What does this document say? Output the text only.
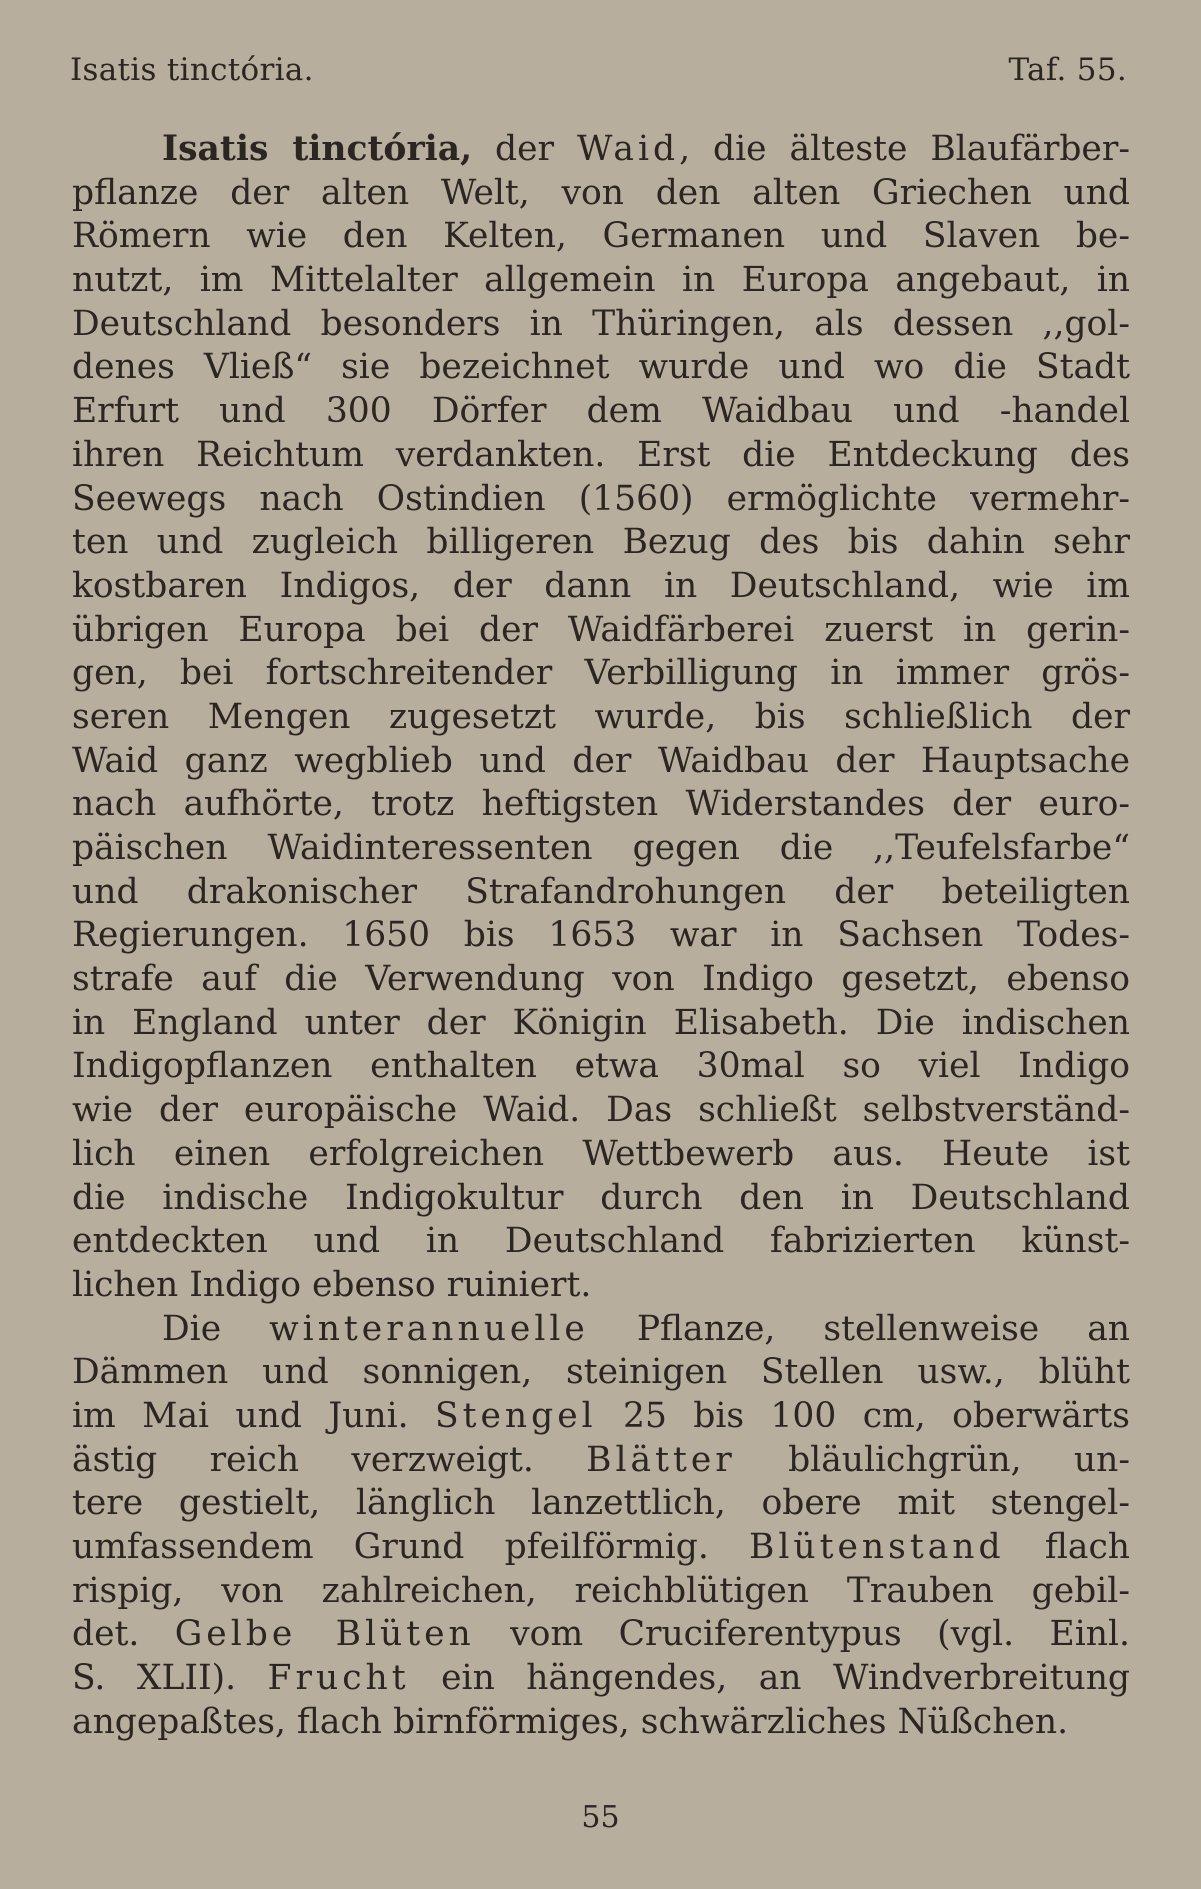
Isatis tinctória.	Taf. 55.
Isatis tinctória, der Waid, die älteste Blaufärber-
pflanze der alten Welt, von den alten Griechen und
Römern wie den Kelten, Germanen und Slaven be-
nutzt, im Mittelalter allgemein in Europa angebaut, in
Deutschland besonders in Thüringen, als dessen ,,gol-
denes Vließ“ sie bezeichnet wurde und wo die Stadt
Erfurt und 300 Dörfer dem Waidbau und -handel
ihren Reichtum verdankten. Erst die Entdeckung des
Seewegs nach Ostindien (1560) ermöglichte vermehr-
ten und zugleich billigeren Bezug des bis dahin sehr
kostbaren Indigos, der dann in Deutschland, wie im
übrigen Europa bei der Waidfärberei zuerst in gerin-
gen, bei fortschreitender Verbilligung in immer grös-
seren Mengen zugesetzt wurde, bis schließlich der
Waid ganz wegblieb und der Waidbau der Hauptsache
nach aufhörte, trotz heftigsten Widerstandes der euro-
päischen Waidinteressenten gegen die ,,Teufelsfarbe“
und drakonischer Strafandrohungen der beteiligten
Regierungen. 1650 bis 1653 war in Sachsen Todes-
strafe auf die Verwendung von Indigo gesetzt, ebenso
in England unter der Königin Elisabeth. Die indischen
Indigopflanzen enthalten etwa 30mal so viel Indigo
wie der europäische Waid. Das schließt selbstverständ-
lich einen erfolgreichen Wettbewerb aus. Heute ist
die indische Indigokultur durch den in Deutschland
entdeckten und in Deutschland fabrizierten künst-
lichen Indigo ebenso ruiniert.
Die winterannuelle Pflanze, stellenweise an
Dämmen und sonnigen, steinigen Stellen usw., blüht
im Mai und Juni. Stengel 25 bis 100 cm, oberwärts
ästig reich verzweigt. Blätter bläulichgrün, un-
tere gestielt, länglich lanzettlich, obere mit stengel-
umfassendem Grund pfeilförmig. Blütenstand flach
rispig, von zahlreichen, reichblütigen Trauben gebil-
det. Gelbe Blüten vom Cruciferentypus (vgl. Einl.
S. XLII). Frucht ein hängendes, an Windverbreitung
angepaßtes, flach birnförmiges, schwärzliches Nüßchen.
55
